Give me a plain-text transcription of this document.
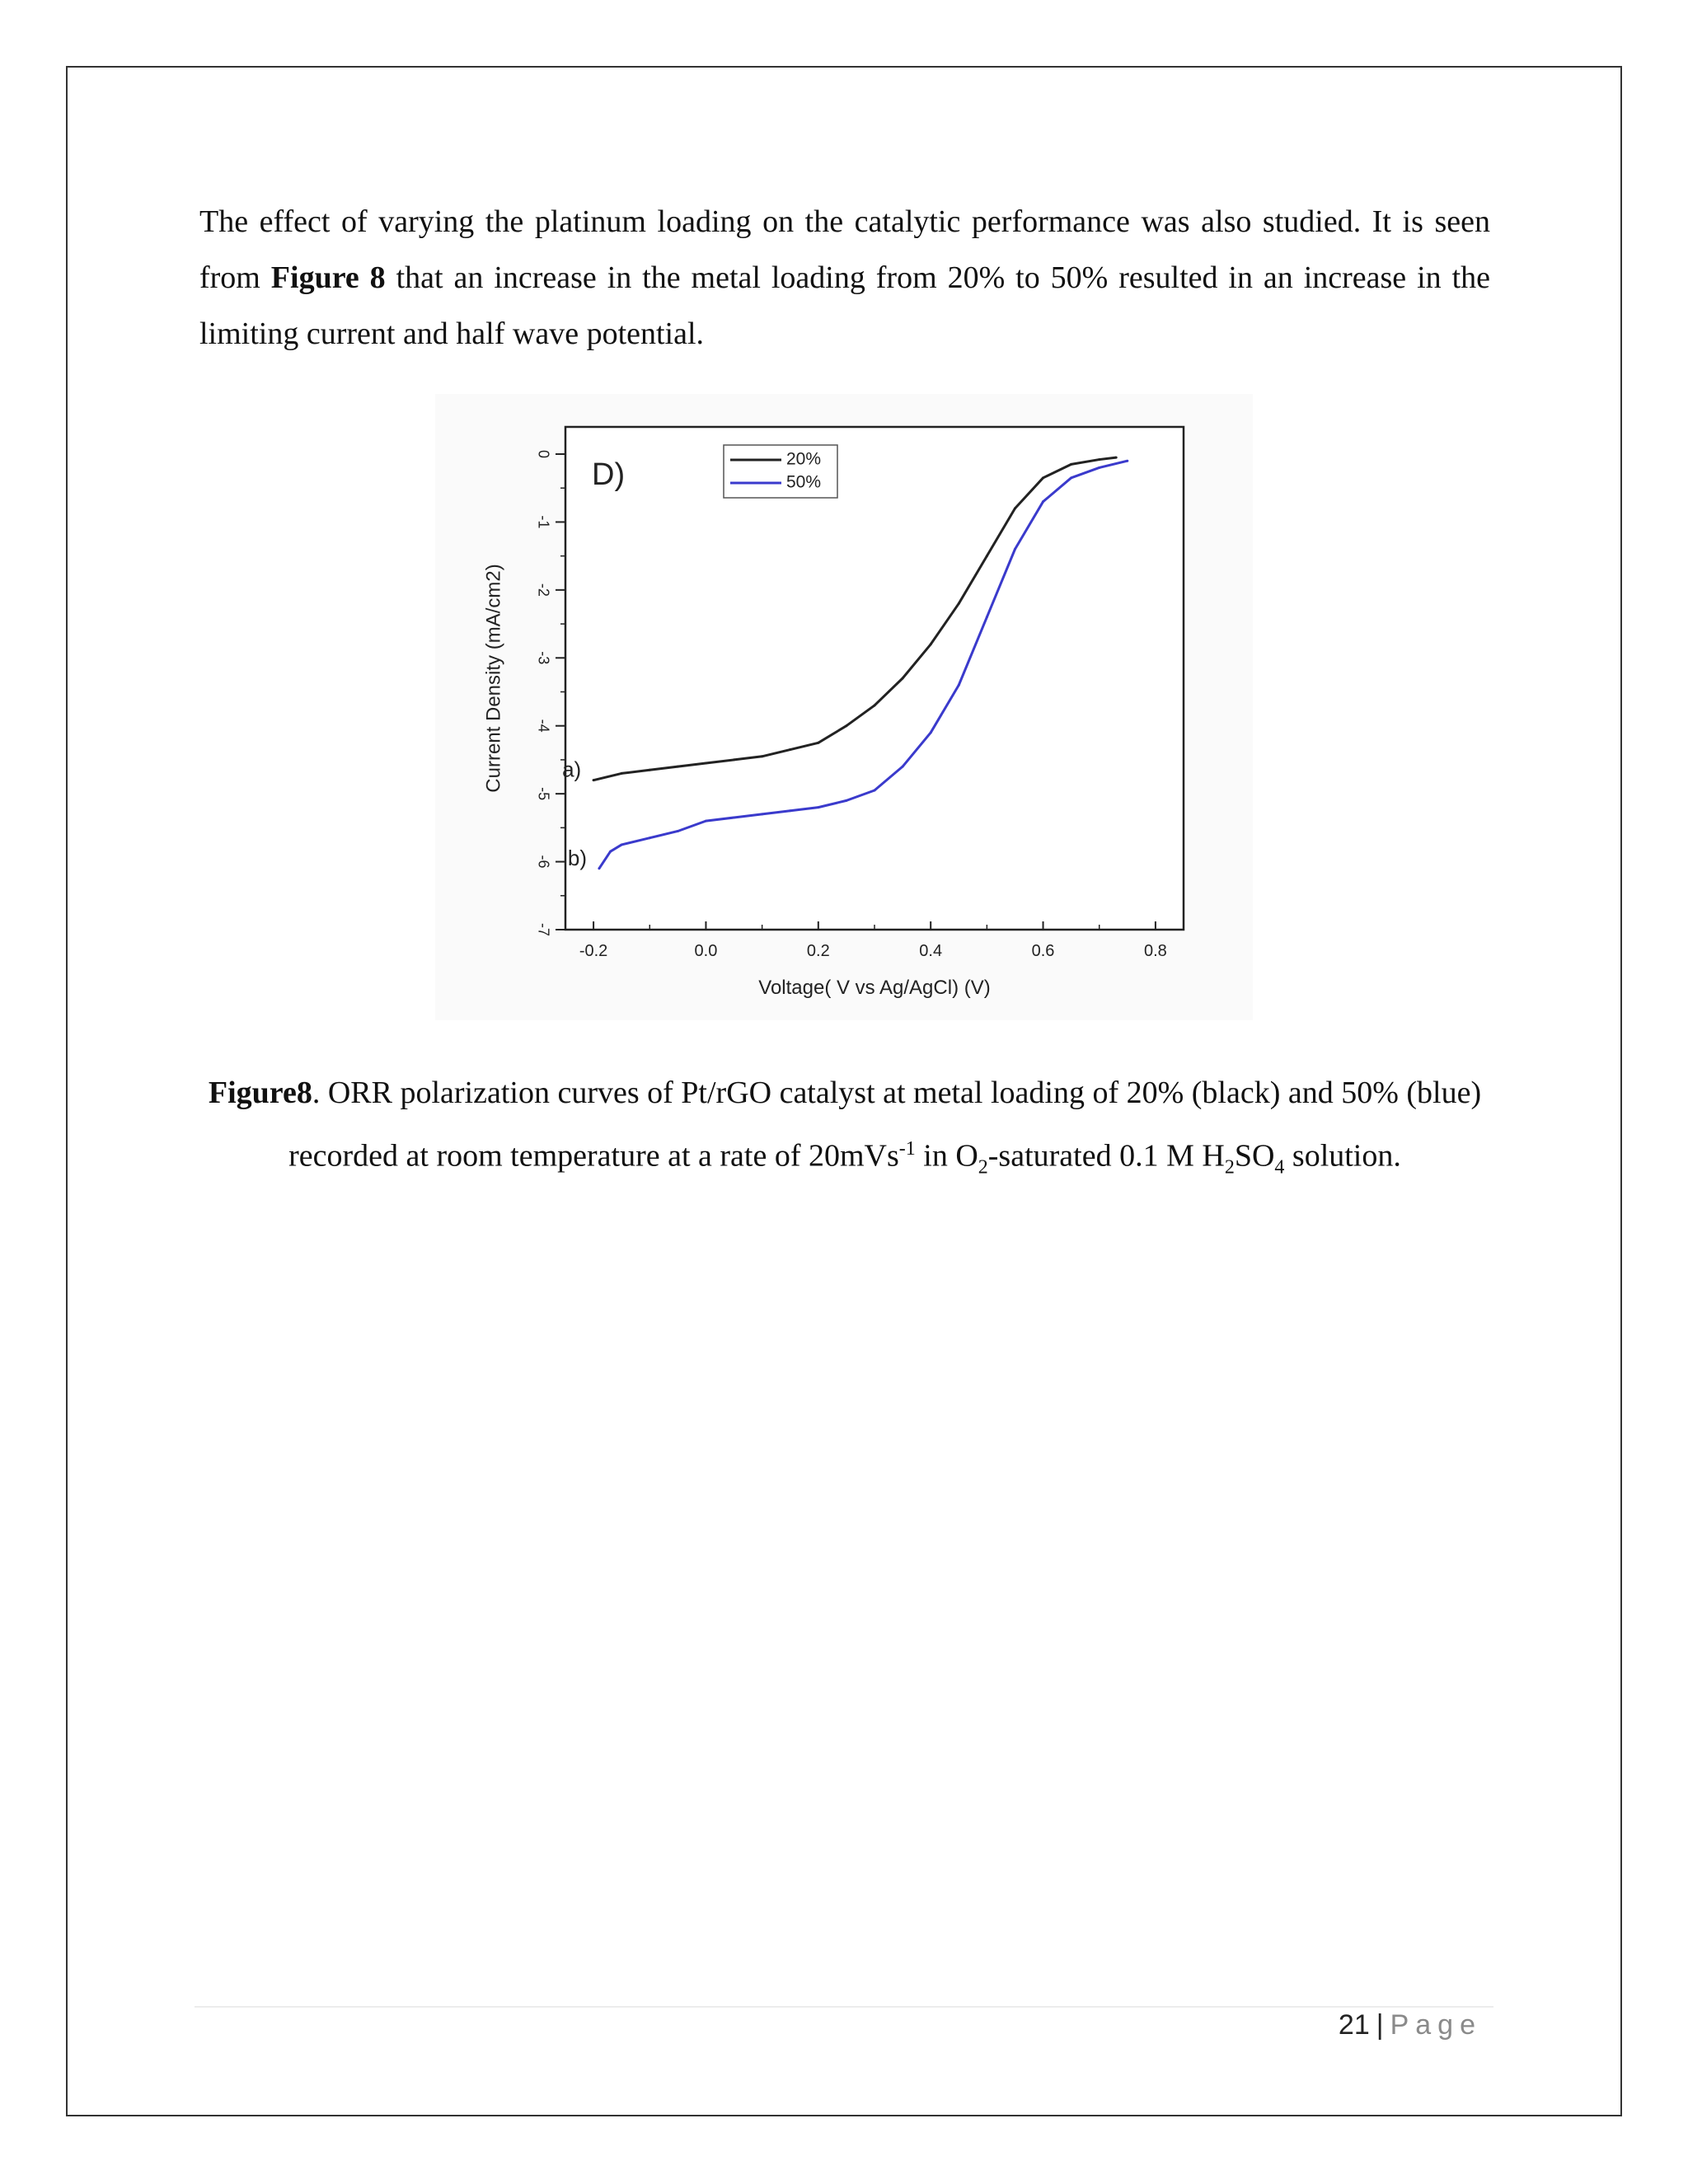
The effect of varying the platinum loading on the catalytic performance was also studied. It is seen from Figure 8 that an increase in the metal loading from 20% to 50% resulted in an increase in the limiting current and half wave potential.
-0.2	0.0	0.2	0.4	0.6	0.8
0
-1
-2
-3
-4
-5
-6
-7
Voltage( V vs Ag/AgCl) (V)
Current Density (mA/cm2)
D)	20%
50%
a)
b)
Figure8. ORR polarization curves of Pt/rGO catalyst at metal loading of 20% (black) and 50% (blue) recorded at room temperature at a rate of 20mVs$^{-1}$ in $O_2$-saturated 0.1 M $H_2SO_4$ solution.
21 | Page
